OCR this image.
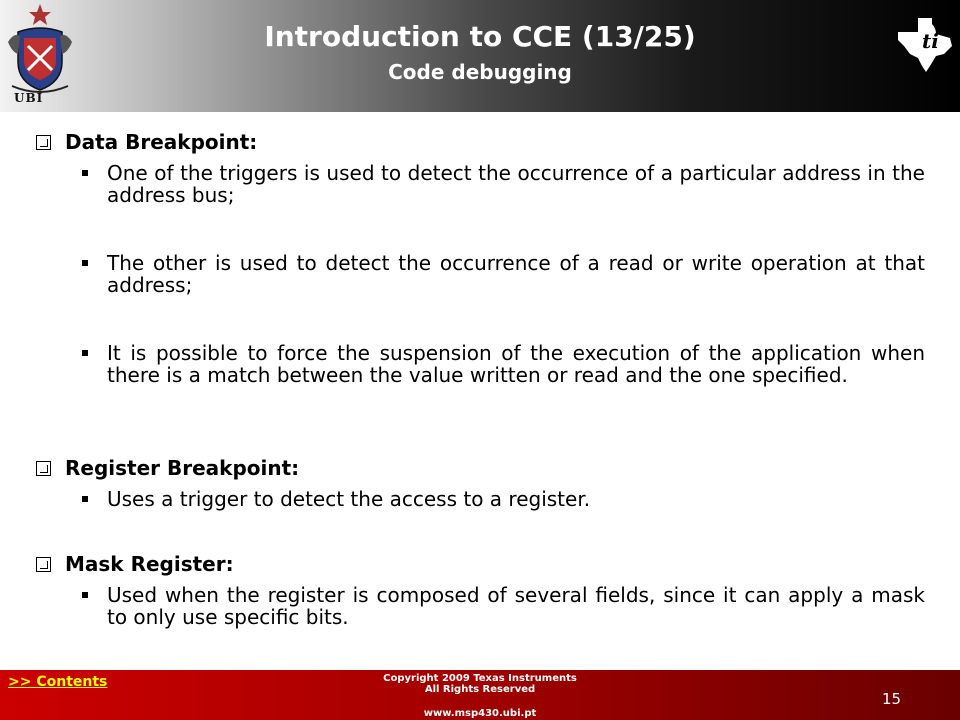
UBI
Introduction to CCE (13/25)
Code debugging
ti
Data Breakpoint:
One of the triggers is used to detect the occurrence of a particular address in the address bus;
The other is used to detect the occurrence of a read or write operation at that address;
It is possible to force the suspension of the execution of the application when there is a match between the value written or read and the one specified.
Register Breakpoint:
Uses a trigger to detect the access to a register.
Mask Register:
Used when the register is composed of several fields, since it can apply a mask to only use specific bits.
>> Contents	Copyright 2009 Texas Instruments
All Rights Reserved
www.msp430.ubi.pt
15
